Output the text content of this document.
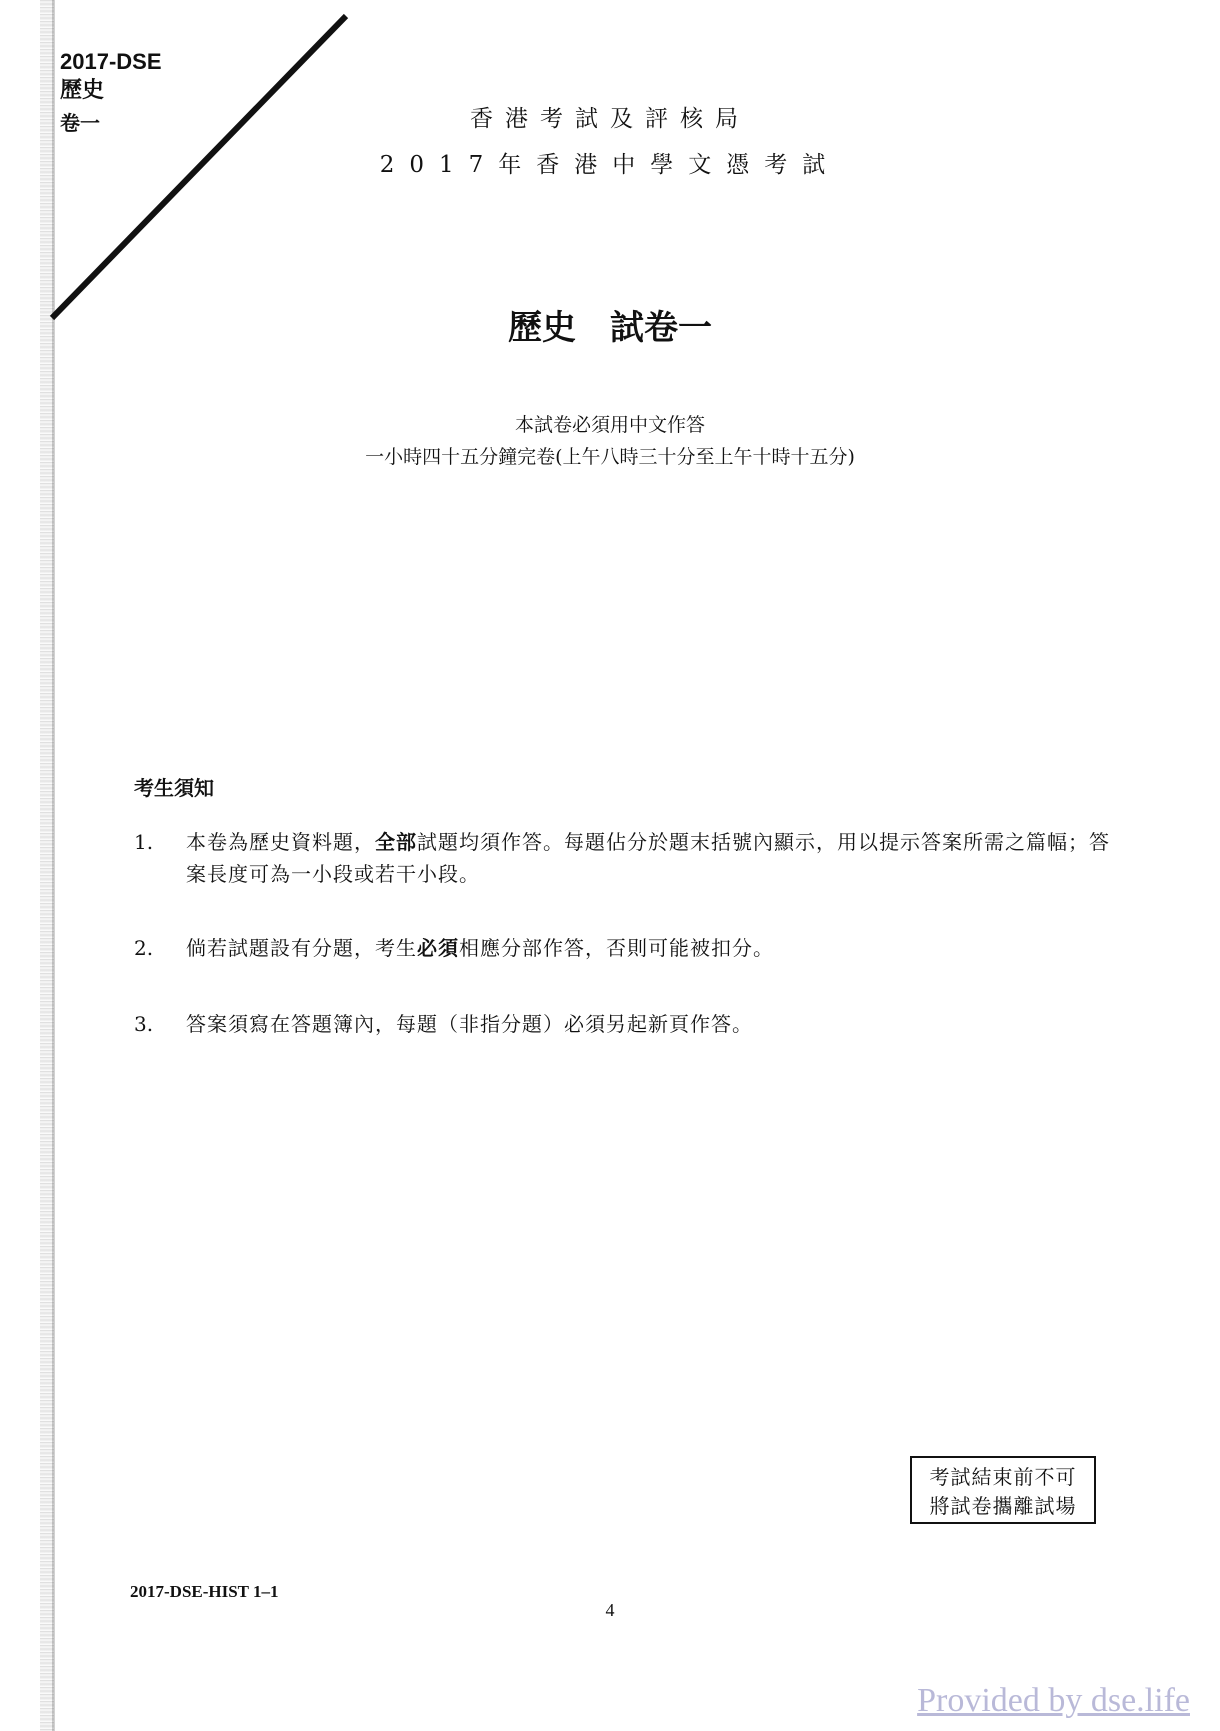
2017-DSE
歷史
卷一	香港考試及評核局
2017年香港中學文憑考試
歷史 試卷一
本試卷必須用中文作答
一小時四十五分鐘完卷(上午八時三十分至上午十時十五分)
考生須知
1.	本卷為歷史資料題，全部試題均須作答。每題佔分於題末括號內顯示，用以提示答案所需之篇幅；答案長度可為一小段或若干小段。
2.	倘若試題設有分題，考生必須相應分部作答，否則可能被扣分。
3.	答案須寫在答題簿內，每題（非指分題）必須另起新頁作答。
考試結束前不可
將試卷攜離試場
2017-DSE-HIST 1–1
4
Provided by dse.life
